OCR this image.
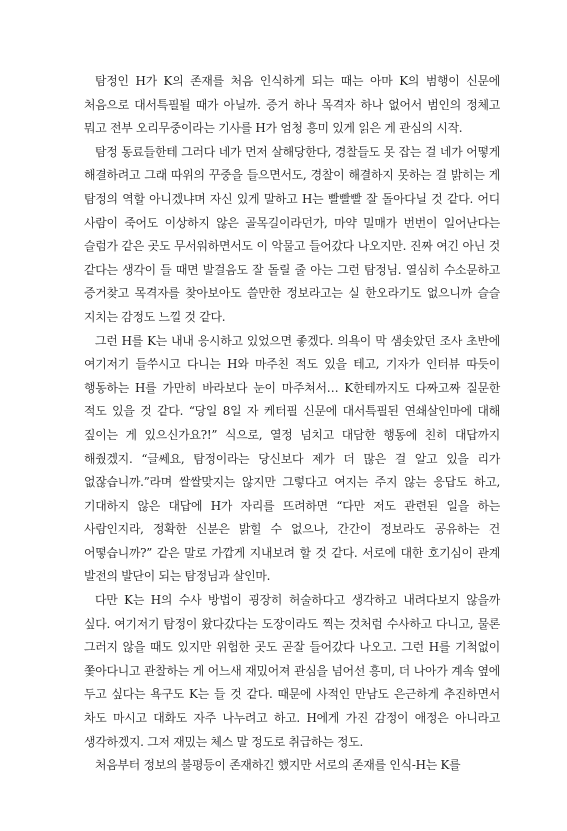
탐정인 H가 K의 존재를 처음 인식하게 되는 때는 아마 K의 범행이 신문에 처음으로 대서특필될 때가 아닐까. 증거 하나 목격자 하나 없어서 범인의 정체고 뭐고 전부 오리무중이라는 기사를 H가 엄청 흥미 있게 읽은 게 관심의 시작.

탐정 동료들한테 그러다 네가 먼저 살해당한다, 경찰들도 못 잡는 걸 네가 어떻게 해결하려고 그래 따위의 꾸중을 들으면서도, 경찰이 해결하지 못하는 걸 밝히는 게 탐정의 역할 아니겠냐며 자신 있게 말하고 H는 빨빨빨 잘 돌아다닐 것 같다. 어디 사람이 죽어도 이상하지 않은 골목길이라던가, 마약 밀매가 번번이 일어난다는 슬럼가 같은 곳도 무서워하면서도 이 악물고 들어갔다 나오지만. 진짜 여긴 아닌 것 같다는 생각이 들 때면 발걸음도 잘 돌릴 줄 아는 그런 탐정님. 열심히 수소문하고 증거찾고 목격자를 찾아보아도 쓸만한 정보라고는 실 한오라기도 없으니까 슬슬 지치는 감정도 느낄 것 같다.

그런 H를 K는 내내 응시하고 있었으면 좋겠다. 의욕이 막 샘솟았던 조사 초반에 여기저기 들쑤시고 다니는 H와 마주친 적도 있을 테고, 기자가 인터뷰 따듯이 행동하는 H를 가만히 바라보다 눈이 마주쳐서… K한테까지도 다짜고짜 질문한 적도 있을 것 같다. “당일 8일 자 케터필 신문에 대서특필된 연쇄살인마에 대해 짚이는 게 있으신가요?!” 식으로, 열정 넘치고 대담한 행동에 친히 대답까지 해줬겠지. “글쎄요, 탐정이라는 당신보다 제가 더 많은 걸 알고 있을 리가 없잖습니까.”라며 쌀쌀맞지는 않지만 그렇다고 여지는 주지 않는 응답도 하고, 기대하지 않은 대답에 H가 자리를 뜨려하면 “다만 저도 관련된 일을 하는 사람인지라, 정확한 신분은 밝힐 수 없으나, 간간이 정보라도 공유하는 건 어떻습니까?” 같은 말로 가깝게 지내보려 할 것 같다. 서로에 대한 호기심이 관계 발전의 발단이 되는 탐정님과 살인마.

다만 K는 H의 수사 방법이 굉장히 허술하다고 생각하고 내려다보지 않을까 싶다. 여기저기 탐정이 왔다갔다는 도장이라도 찍는 것처럼 수사하고 다니고, 물론 그러지 않을 때도 있지만 위험한 곳도 곧잘 들어갔다 나오고. 그런 H를 기척없이 쫓아다니고 관찰하는 게 어느새 재밌어져 관심을 넘어선 흥미, 더 나아가 계속 옆에 두고 싶다는 욕구도 K는 들 것 같다. 때문에 사적인 만남도 은근하게 추진하면서 차도 마시고 대화도 자주 나누려고 하고. H에게 가진 감정이 애정은 아니라고 생각하겠지. 그저 재밌는 체스 말 정도로 취급하는 정도.

처음부터 정보의 불평등이 존재하긴 했지만 서로의 존재를 인식-H는 K를
